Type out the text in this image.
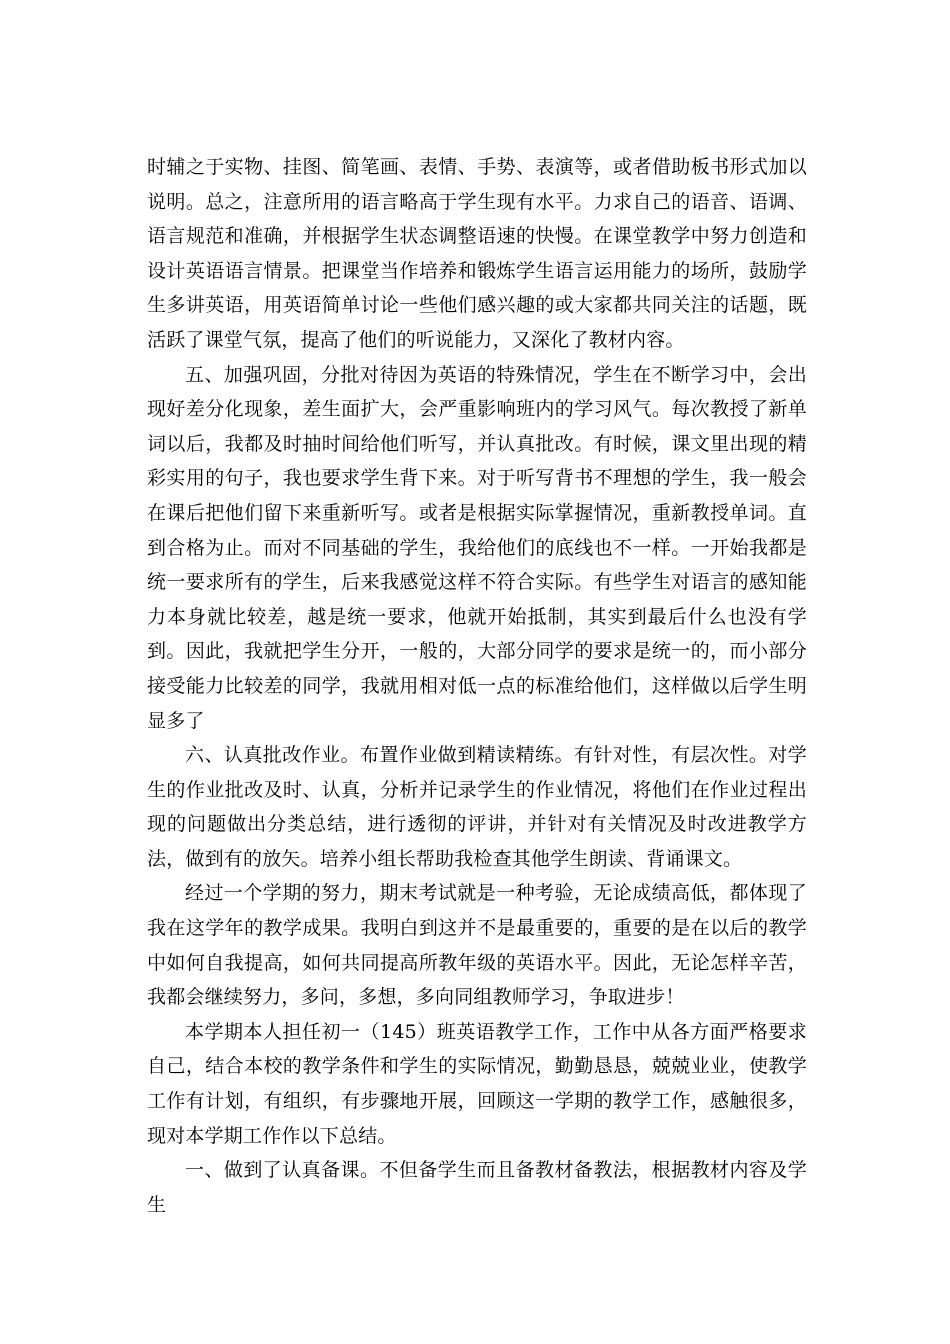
时辅之于实物、挂图、简笔画、表情、手势、表演等，或者借助板书形式加以说明。总之，注意所用的语言略高于学生现有水平。力求自己的语音、语调、语言规范和准确，并根据学生状态调整语速的快慢。在课堂教学中努力创造和设计英语语言情景。把课堂当作培养和锻炼学生语言运用能力的场所，鼓励学生多讲英语，用英语简单讨论一些他们感兴趣的或大家都共同关注的话题，既活跃了课堂气氛，提高了他们的听说能力，又深化了教材内容。

五、加强巩固，分批对待因为英语的特殊情况，学生在不断学习中，会出现好差分化现象，差生面扩大，会严重影响班内的学习风气。每次教授了新单词以后，我都及时抽时间给他们听写，并认真批改。有时候，课文里出现的精彩实用的句子，我也要求学生背下来。对于听写背书不理想的学生，我一般会在课后把他们留下来重新听写。或者是根据实际掌握情况，重新教授单词。直到合格为止。而对不同基础的学生，我给他们的底线也不一样。一开始我都是统一要求所有的学生，后来我感觉这样不符合实际。有些学生对语言的感知能力本身就比较差，越是统一要求，他就开始抵制，其实到最后什么也没有学到。因此，我就把学生分开，一般的，大部分同学的要求是统一的，而小部分接受能力比较差的同学，我就用相对低一点的标准给他们，这样做以后学生明显多了

六、认真批改作业。布置作业做到精读精练。有针对性，有层次性。对学生的作业批改及时、认真，分析并记录学生的作业情况，将他们在作业过程出现的问题做出分类总结，进行透彻的评讲，并针对有关情况及时改进教学方法，做到有的放矢。培养小组长帮助我检查其他学生朗读、背诵课文。

经过一个学期的努力，期末考试就是一种考验，无论成绩高低，都体现了我在这学年的教学成果。我明白到这并不是最重要的，重要的是在以后的教学中如何自我提高，如何共同提高所教年级的英语水平。因此，无论怎样辛苦，我都会继续努力，多问，多想，多向同组教师学习，争取进步！

本学期本人担任初一（145）班英语教学工作，工作中从各方面严格要求自己，结合本校的教学条件和学生的实际情况，勤勤恳恳，兢兢业业，使教学工作有计划，有组织，有步骤地开展，回顾这一学期的教学工作，感触很多，现对本学期工作作以下总结。

一、做到了认真备课。不但备学生而且备教材备教法，根据教材内容及学生
